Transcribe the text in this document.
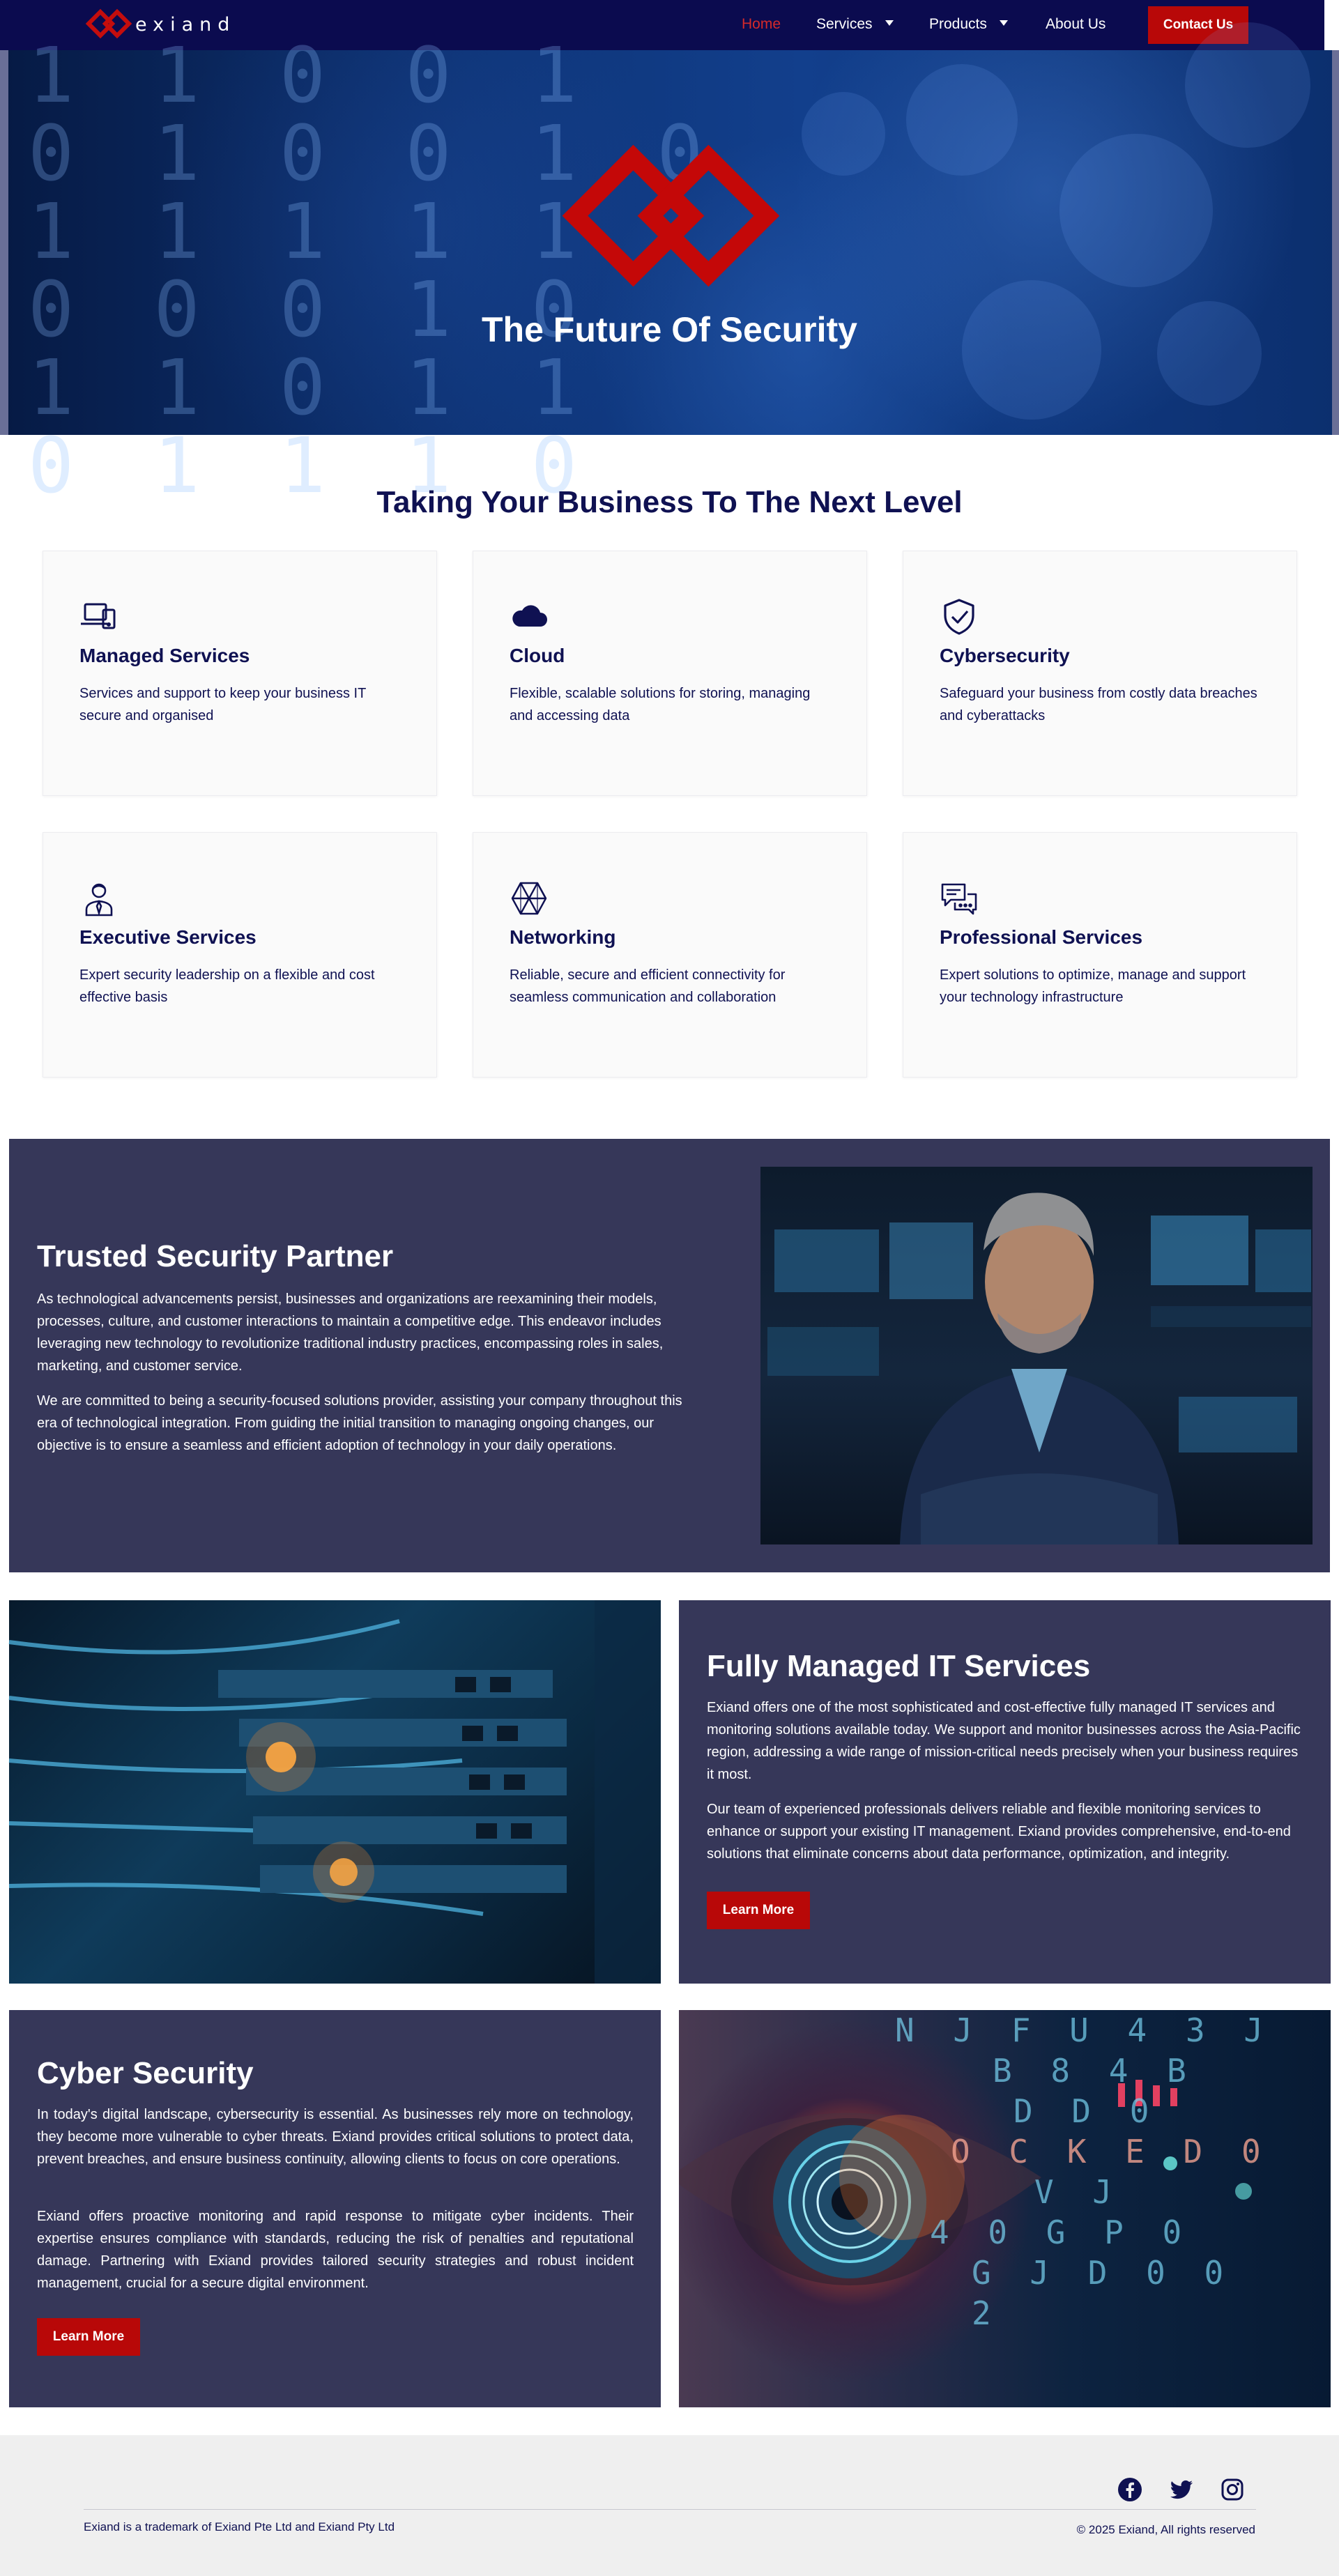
exiand	Home Services	Products	About Us	Contact Us
1 1 0 0 1
0 1 0 0 1 0
1 1 1 1 1
0 0 0 1 0
1 1 0 1 1
0 1 1 1 0
The Future Of Security
Taking Your Business To The Next Level
Managed Services
Services and support to keep your business IT secure and organised
Cloud
Flexible, scalable solutions for storing, managing and accessing data
Cybersecurity
Safeguard your business from costly data breaches and cyberattacks
Executive Services
Expert security leadership on a flexible and cost effective basis
Networking
Reliable, secure and efficient connectivity for seamless communication and collaboration
Professional Services
Expert solutions to optimize, manage and support your technology infrastructure
Trusted Security Partner
As technological advancements persist, businesses and organizations are reexamining their models, processes, culture, and customer interactions to maintain a competitive edge. This endeavor includes leveraging new technology to revolutionize traditional industry practices, encompassing roles in sales, marketing, and customer service.
We are committed to being a security-focused solutions provider, assisting your company throughout this era of technological integration. From guiding the initial transition to managing ongoing changes, our objective is to ensure a seamless and efficient adoption of technology in your daily operations.
Fully Managed IT Services
Exiand offers one of the most sophisticated and cost-effective fully managed IT services and monitoring solutions available today. We support and monitor businesses across the Asia-Pacific region, addressing a wide range of mission-critical needs precisely when your business requires it most.
Our team of experienced professionals delivers reliable and flexible monitoring services to enhance or support your existing IT management. Exiand provides comprehensive, end-to-end solutions that eliminate concerns about data performance, optimization, and integrity.
Learn More
Cyber Security
In today's digital landscape, cybersecurity is essential. As businesses rely more on technology, they become more vulnerable to cyber threats. Exiand provides critical solutions to protect data, prevent breaches, and ensure business continuity, allowing clients to focus on core operations.
Exiand offers proactive monitoring and rapid response to mitigate cyber incidents. Their expertise ensures compliance with standards, reducing the risk of penalties and reputational damage. Partnering with Exiand provides tailored security strategies and robust incident management, crucial for a secure digital environment.
Learn More
N J F U 4 3 J
B 8 4 B
D D 0
O C K E D 0
V J
4 0 G P 0
G J D 0 0 2
Exiand is a trademark of Exiand Pte Ltd and Exiand Pty Ltd	© 2025 Exiand, All rights reserved
